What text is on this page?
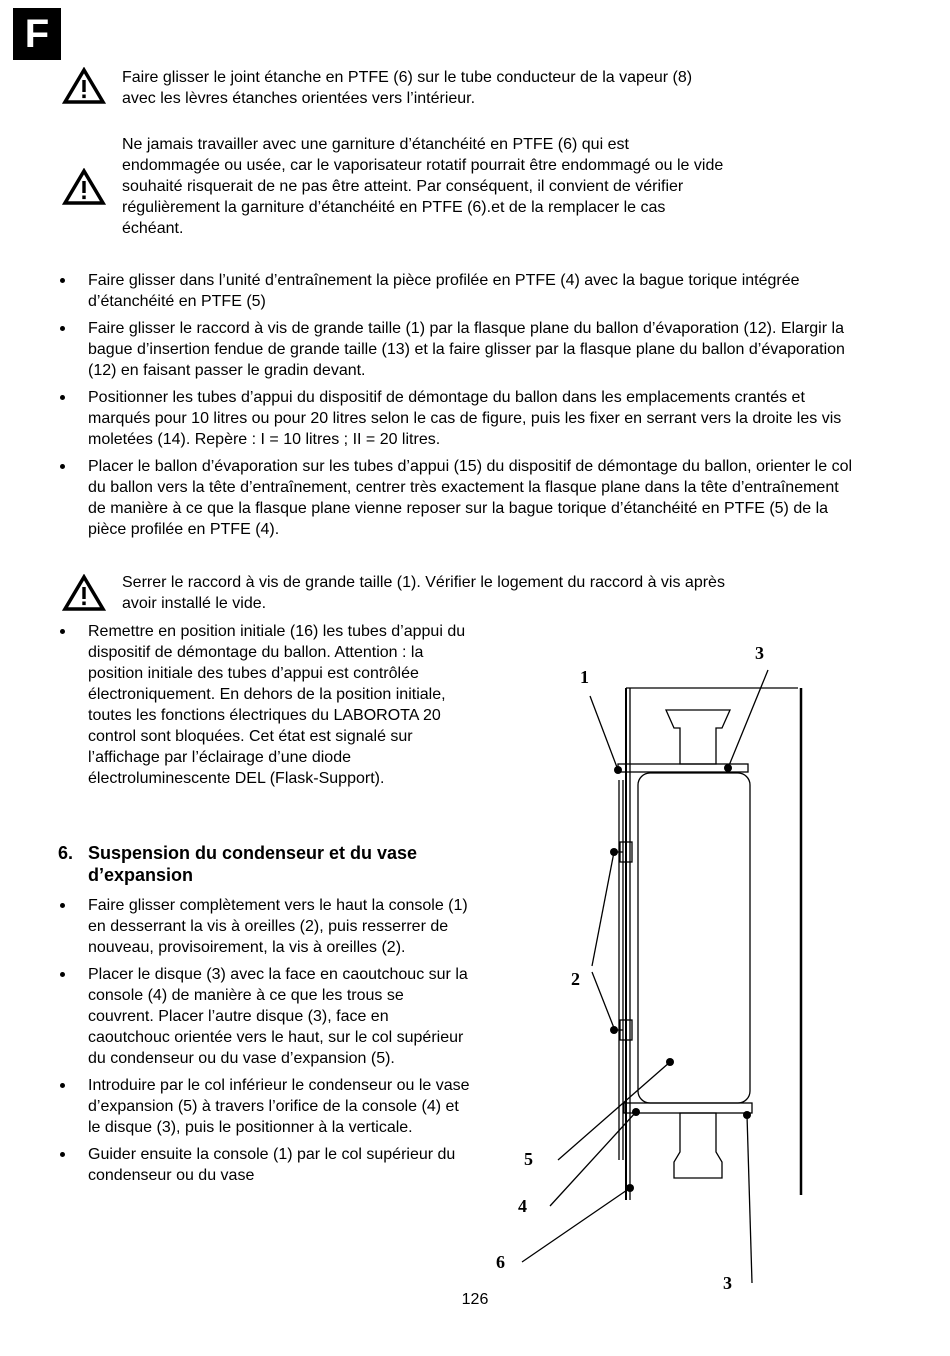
F

Faire glisser le joint étanche en PTFE (6) sur le tube conducteur de la vapeur (8)

avec les lèvres étanches orientées vers l’intérieur.

Ne jamais travailler avec une garniture d’étanchéité en PTFE (6) qui est

endommagée ou usée, car le vaporisateur rotatif pourrait être endommagé ou le vide

souhaité risquerait de ne pas être atteint. Par conséquent, il convient de vérifier

régulièrement la garniture d’étanchéité en PTFE (6).et de la remplacer le cas

échéant.

Faire glisser dans l’unité d’entraînement la pièce profilée en PTFE (4) avec la bague torique intégrée d’étanchéité en PTFE (5)
Faire glisser le raccord à vis de grande taille (1) par la flasque plane du ballon d’évaporation (12). Elargir la bague d’insertion fendue de grande taille (13) et la faire glisser par la flasque plane du ballon d’évaporation (12) en faisant passer le gradin devant.
Positionner les tubes d’appui du dispositif de démontage du ballon dans les emplacements crantés et marqués pour 10 litres ou pour 20 litres selon le cas de figure, puis les fixer en serrant vers la droite les vis moletées (14). Repère : I = 10 litres ; II = 20 litres.
Placer le ballon d’évaporation sur les tubes d’appui (15) du dispositif de démontage du ballon, orienter le col du ballon vers la tête d’entraînement, centrer très exactement la flasque plane dans la tête d’entraînement de manière à ce que la flasque plane vienne reposer sur la bague torique d’étanchéité en PTFE (5) de la pièce profilée en PTFE (4).

Serrer le raccord à vis de grande taille (1). Vérifier le logement du raccord à vis après

avoir installé le vide.

Remettre en position initiale (16) les tubes d’appui du dispositif de démontage du ballon. Attention : la position initiale des tubes d’appui est contrôlée électroniquement. En dehors de la position initiale, toutes les fonctions électriques du LABOROTA 20 control sont bloquées. Cet état est signalé sur l’affichage par l’éclairage d’une diode électroluminescente DEL (Flask-Support).
6. Suspension du condenseur et du vase d’expansion
Faire glisser complètement vers le haut la console (1) en desserrant la vis à oreilles (2), puis resserrer de nouveau, provisoirement, la vis à oreilles (2).
Placer le disque (3) avec la face en caoutchouc sur la console (4) de manière à ce que les trous se couvrent. Placer l’autre disque (3), face en caoutchouc orientée vers le haut, sur le col supérieur du condenseur ou du vase d’expansion (5).
Introduire par le col inférieur le condenseur ou le vase d’expansion (5) à travers l’orifice de la console (4) et le disque (3), puis le positionner à la verticale.
Guider ensuite la console (1) par le col supérieur du condenseur ou du vase
1
3
2
5
4
6
3
126
